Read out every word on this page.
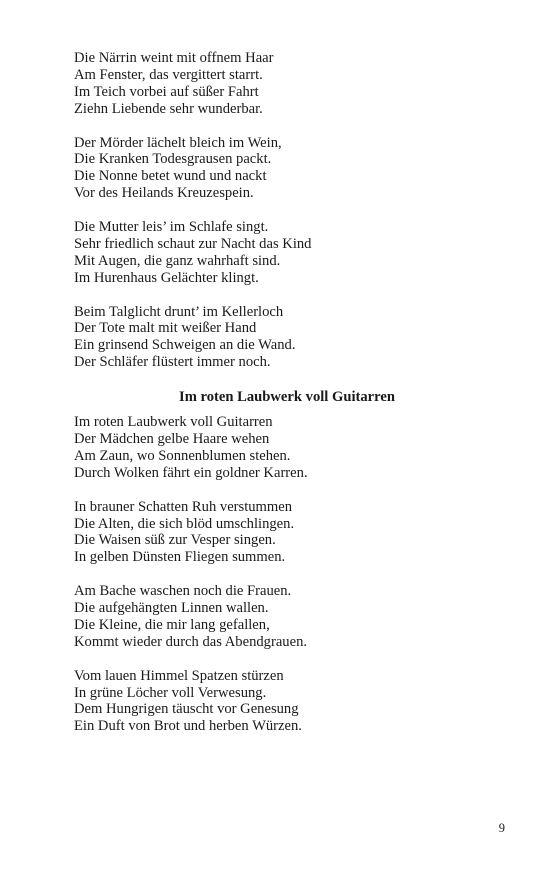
Die Närrin weint mit offnem Haar
Am Fenster, das vergittert starrt.
Im Teich vorbei auf süßer Fahrt
Ziehn Liebende sehr wunderbar.
Der Mörder lächelt bleich im Wein,
Die Kranken Todesgrausen packt.
Die Nonne betet wund und nackt
Vor des Heilands Kreuzespein.
Die Mutter leis’ im Schlafe singt.
Sehr friedlich schaut zur Nacht das Kind
Mit Augen, die ganz wahrhaft sind.
Im Hurenhaus Gelächter klingt.
Beim Talglicht drunt’ im Kellerloch
Der Tote malt mit weißer Hand
Ein grinsend Schweigen an die Wand.
Der Schläfer flüstert immer noch.
Im roten Laubwerk voll Guitarren
Im roten Laubwerk voll Guitarren
Der Mädchen gelbe Haare wehen
Am Zaun, wo Sonnenblumen stehen.
Durch Wolken fährt ein goldner Karren.
In brauner Schatten Ruh verstummen
Die Alten, die sich blöd umschlingen.
Die Waisen süß zur Vesper singen.
In gelben Dünsten Fliegen summen.
Am Bache waschen noch die Frauen.
Die aufgehängten Linnen wallen.
Die Kleine, die mir lang gefallen,
Kommt wieder durch das Abendgrauen.
Vom lauen Himmel Spatzen stürzen
In grüne Löcher voll Verwesung.
Dem Hungrigen täuscht vor Genesung
Ein Duft von Brot und herben Würzen.
9
